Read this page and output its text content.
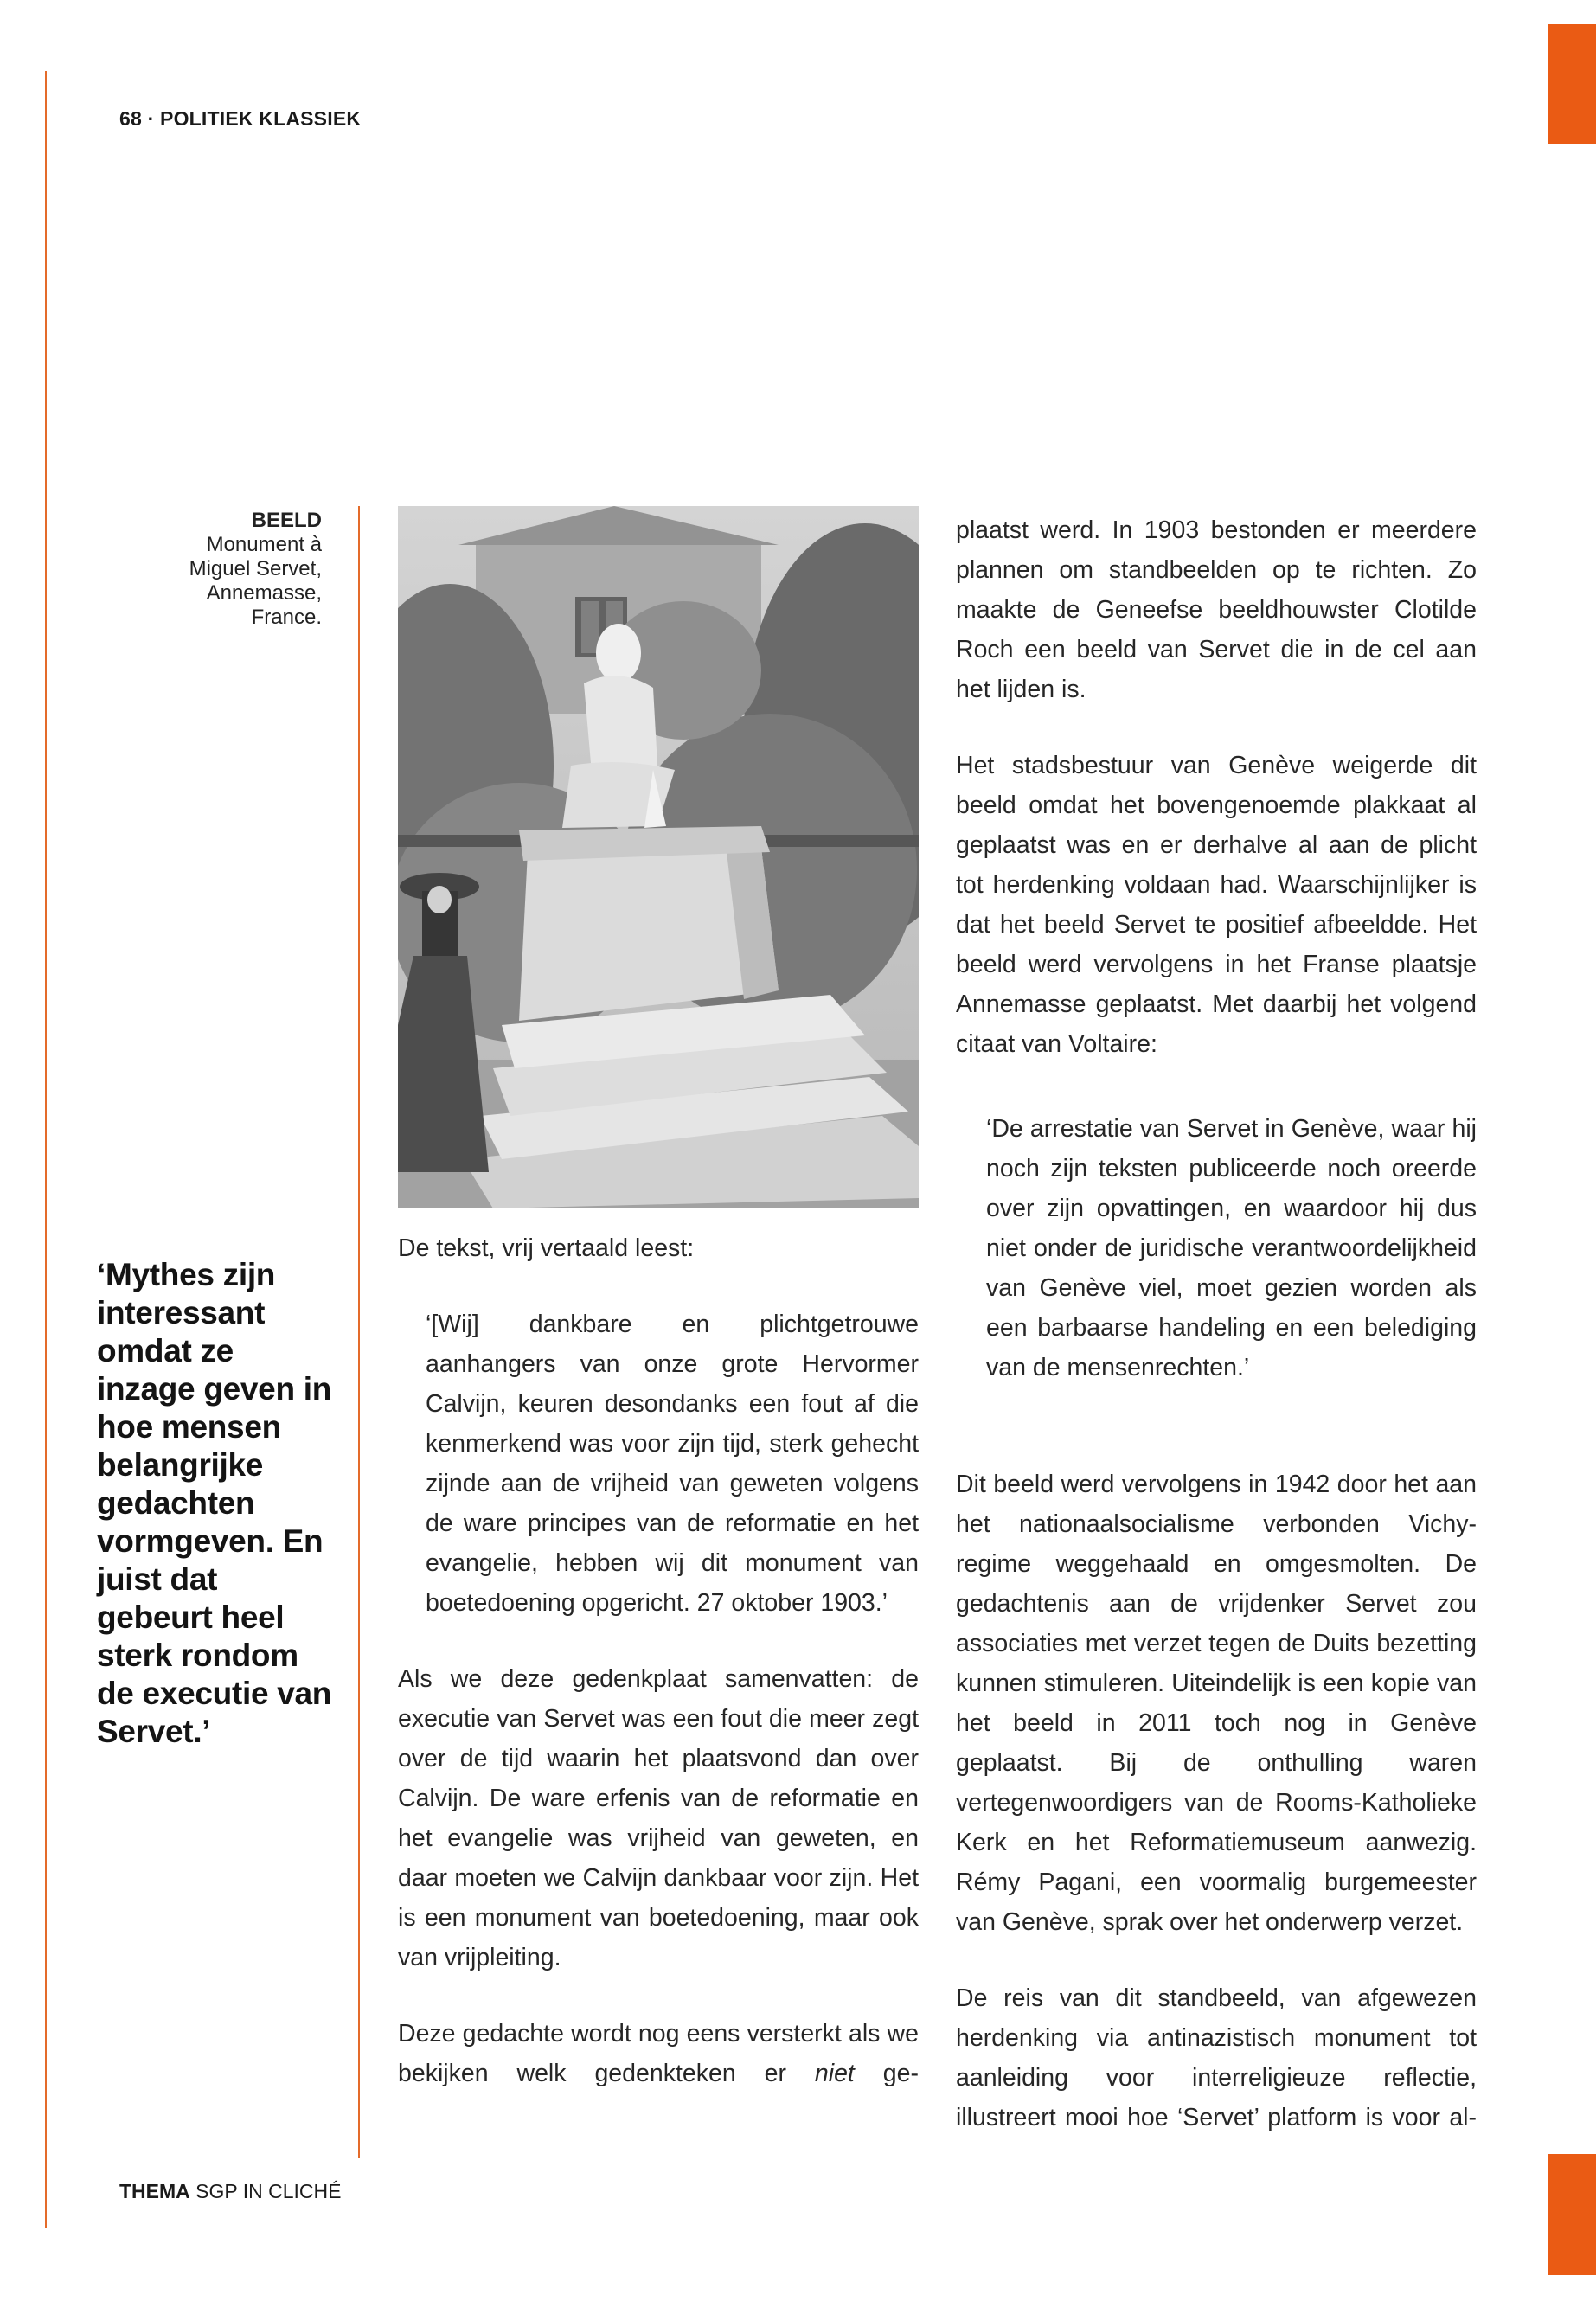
68 · POLITIEK KLASSIEK
BEELD
Monument à
Miguel Servet,
Annemasse,
France.
‘Mythes zijn interessant omdat ze inzage geven in hoe mensen belangrijke gedachten vormgeven. En juist dat gebeurt heel sterk rondom de executie van Servet.’

De tekst, vrij vertaald leest:

‘[Wij] dankbare en plichtgetrouwe aanhangers van onze grote Hervormer Calvijn, keuren desondanks een fout af die kenmerkend was voor zijn tijd, sterk gehecht zijnde aan de vrijheid van geweten volgens de ware principes van de reformatie en het evangelie, hebben wij dit monument van boetedoening opgericht. 27 oktober 1903.’

Als we deze gedenkplaat samenvatten: de executie van Servet was een fout die meer zegt over de tijd waarin het plaatsvond dan over Calvijn. De ware erfenis van de reformatie en het evangelie was vrijheid van geweten, en daar moeten we Calvijn dankbaar voor zijn. Het is een monument van boetedoening, maar ook van vrijpleiting.

Deze gedachte wordt nog eens versterkt als we bekijken welk gedenkteken er niet ge-

plaatst werd. In 1903 bestonden er meerdere plannen om standbeelden op te richten. Zo maakte de Geneefse beeldhouwster Clotilde Roch een beeld van Servet die in de cel aan het lijden is.

Het stadsbestuur van Genève weigerde dit beeld omdat het bovengenoemde plakkaat al geplaatst was en er derhalve al aan de plicht tot herdenking voldaan had. Waarschijnlijker is dat het beeld Servet te positief afbeeldde. Het beeld werd vervolgens in het Franse plaatsje Annemasse geplaatst. Met daarbij het volgend citaat van Voltaire:

‘De arrestatie van Servet in Genève, waar hij noch zijn teksten publiceerde noch oreerde over zijn opvattingen, en waardoor hij dus niet onder de juridische verantwoordelijkheid van Genève viel, moet gezien worden als een barbaarse handeling en een belediging van de mensenrechten.’

Dit beeld werd vervolgens in 1942 door het aan het nationaalsocialisme verbonden Vichy-regime weggehaald en omgesmolten. De gedachtenis aan de vrijdenker Servet zou associaties met verzet tegen de Duits bezetting kunnen stimuleren. Uiteindelijk is een kopie van het beeld in 2011 toch nog in Genève geplaatst. Bij de onthulling waren vertegenwoordigers van de Rooms-Katholieke Kerk en het Reformatiemuseum aanwezig. Rémy Pagani, een voormalig burgemeester van Genève, sprak over het onderwerp verzet.

De reis van dit standbeeld, van afgewezen herdenking via antinazistisch monument tot aanleiding voor interreligieuze reflectie, illustreert mooi hoe ‘Servet’ platform is voor al-

THEMA SGP IN CLICHÉ
